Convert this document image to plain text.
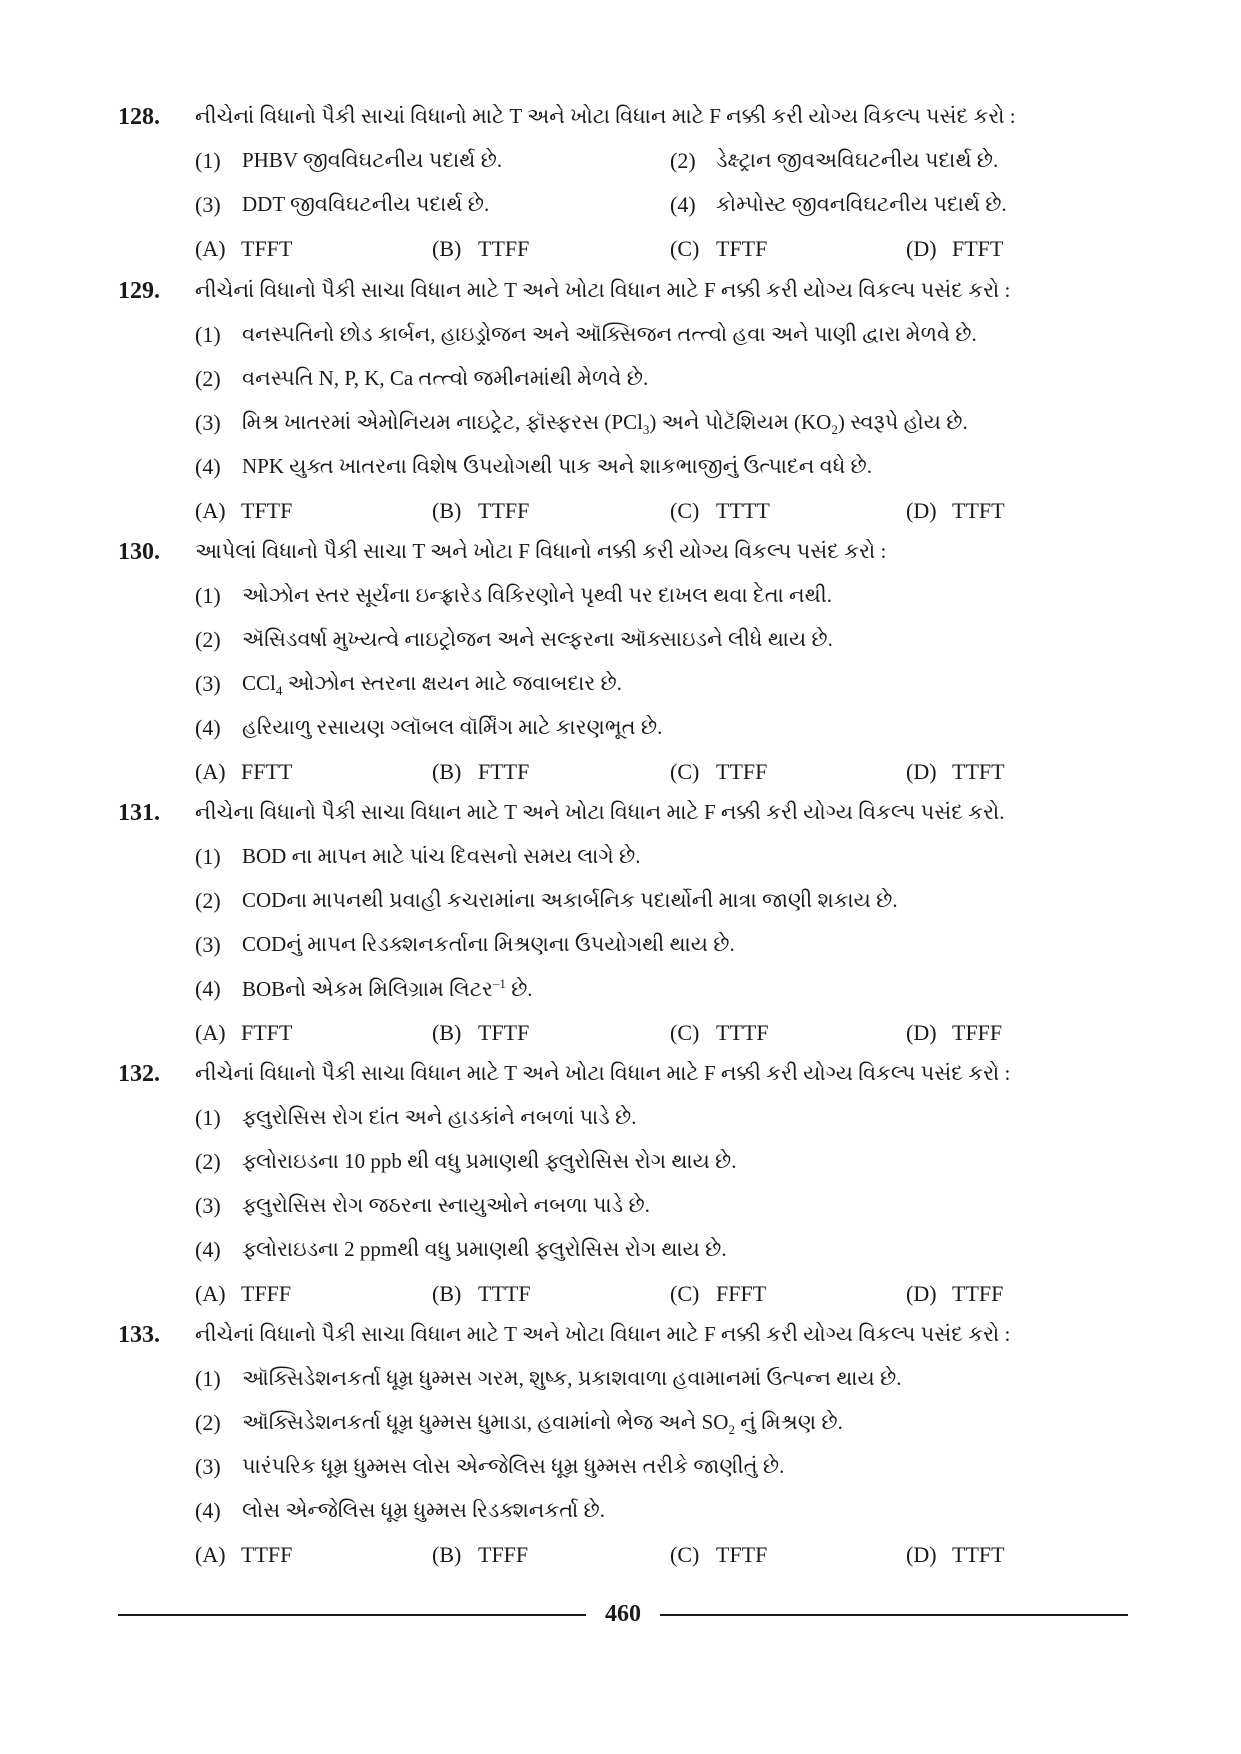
128. નીચેનાં વિધાનો પૈકી સાચાં વિધાનો માટે T અને ખોટા વિધાન માટે F નક્કી કરી યોગ્ય વિકલ્પ પસંદ કરો :
(1) PHBV જીવવિઘટનીય પદાર્થ છે.	(2) ડેક્ષ્ટ્રાન જીવઅવિઘટનીય પદાર્થ છે.
(3) DDT જીવવિઘટનીય પદાર્થ છે.	(4) કોમ્પોસ્ટ જીવનવિઘટનીય પદાર્થ છે.
(A) TFFT	(B) TTFF	(C) TFTF	(D) FTFT
129. નીચેનાં વિધાનો પૈકી સાચા વિધાન માટે T અને ખોટા વિધાન માટે F નક્કી કરી યોગ્ય વિકલ્પ પસંદ કરો :
(1) વનસ્પતિનો છોડ કાર્બન, હાઇડ્રોજન અને ઑક્સિજન તત્ત્વો હવા અને પાણી દ્વારા મેળવે છે.
(2) વનસ્પતિ N, P, K, Ca તત્ત્વો જમીનમાંથી મેળવે છે.
(3) મિશ્ર ખાતરમાં એમોનિયમ નાઇટ્રેટ, ફૉસ્ફરસ (PCl$_3$) અને પોટૅશિયમ $(KO_2)$ સ્વરૂપે હોય છે.
(4) NPK યુક્ત ખાતરના વિશેષ ઉપયોગથી પાક અને શાકભાજીનું ઉત્પાદન વધે છે.
(A) TFTF	(B) TTFF	(C) TTTT	(D) TTFT
130. આપેલાં વિધાનો પૈકી સાચા T અને ખોટા F વિધાનો નક્કી કરી યોગ્ય વિકલ્પ પસંદ કરો :
(1) ઓઝોન સ્તર સૂર્યના ઇન્ફ્રારેડ વિકિરણોને પૃથ્વી પર દાખલ થવા દેતા નથી.
(2) ઍસિડવર્ષા મુખ્યત્વે નાઇટ્રોજન અને સલ્ફરના ઑક્સાઇડને લીધે થાય છે.
(3) CCl$_4$ ઓઝોન સ્તરના ક્ષયન માટે જવાબદાર છે.
(4) હરિયાળુ રસાયણ ગ્લૉબલ વૉર્મિંગ માટે કારણભૂત છે.
(A) FFTT	(B) FTTF	(C) TTFF	(D) TTFT
131. નીચેના વિધાનો પૈકી સાચા વિધાન માટે T અને ખોટા વિધાન માટે F નક્કી કરી યોગ્ય વિકલ્પ પસંદ કરો.
(1) BOD ના માપન માટે પાંચ દિવસનો સમય લાગે છે.
(2) CODના માપનથી પ્રવાહી કચરામાંના અકાર્બનિક પદાર્થોની માત્રા જાણી શકાય છે.
(3) CODનું માપન રિડક્શનકર્તાના મિશ્રણના ઉપયોગથી થાય છે.
(4) BOBનો એકમ મિલિગ્રામ લિટર$^{-1}$ છે.
(A) FTFT	(B) TFTF	(C) TTTF	(D) TFFF
132. નીચેનાં વિધાનો પૈકી સાચા વિધાન માટે T અને ખોટા વિધાન માટે F નક્કી કરી યોગ્ય વિકલ્પ પસંદ કરો :
(1) ફ્લુરોસિસ રોગ દાંત અને હાડકાંને નબળાં પાડે છે.
(2) ફ્લોરાઇડના 10 ppb થી વધુ પ્રમાણથી ફ્લુરોસિસ રોગ થાય છે.
(3) ફ્લુરોસિસ રોગ જઠરના સ્નાયુઓને નબળા પાડે છે.
(4) ફ્લોરાઇડના 2 ppmથી વધુ પ્રમાણથી ફ્લુરોસિસ રોગ થાય છે.
(A) TFFF	(B) TTTF	(C) FFFT	(D) TTFF
133. નીચેનાં વિધાનો પૈકી સાચા વિધાન માટે T અને ખોટા વિધાન માટે F નક્કી કરી યોગ્ય વિકલ્પ પસંદ કરો :
(1) ઑક્સિડેશનકર્તા ધૂમ્ર ધુમ્મસ ગરમ, શુષ્ક, પ્રકાશવાળા હવામાનમાં ઉત્પન્ન થાય છે.
(2) ઑક્સિડેશનકર્તા ધૂમ્ર ધુમ્મસ ધુમાડા, હવામાંનો ભેજ અને $SO_2$ નું મિશ્રણ છે.
(3) પારંપરિક ધૂમ્ર ધુમ્મસ લોસ એન્જેલિસ ધૂમ્ર ધુમ્મસ તરીકે જાણીતું છે.
(4) લોસ એન્જેલિસ ધૂમ્ર ધુમ્મસ રિડક્શનકર્તા છે.
(A) TTFF	(B) TFFF	(C) TFTF	(D) TTFT
460
